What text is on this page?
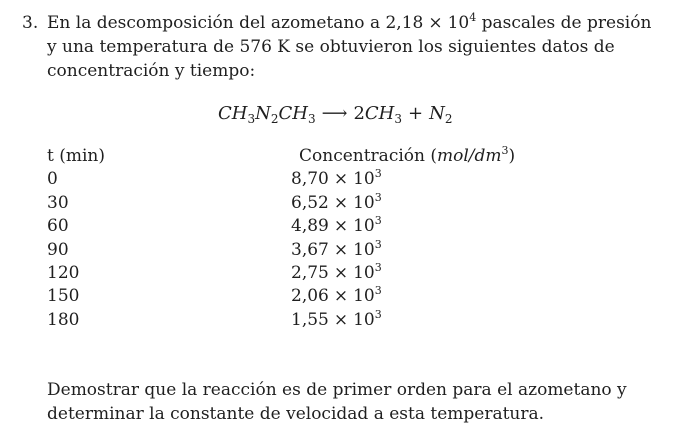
3. En la descomposición del azometano a $2,18 \times 10^4$ pascales de presión
y una temperatura de 576 K se obtuvieron los siguientes datos de
concentración y tiempo:
$CH_3N_2CH_3$ ⟶ $2CH_3 + N_2$
t (min)
0
30
60
90
120
150
180
Concentración $(mol/dm^3)$
$8,70 \times 10^3$
$6,52 \times 10^3$
$4,89 \times 10^3$
$3,67 \times 10^3$
$2,75 \times 10^3$
$2,06 \times 10^3$
$1,55 \times 10^3$
Demostrar que la reacción es de primer orden para el azometano y
determinar la constante de velocidad a esta temperatura.
